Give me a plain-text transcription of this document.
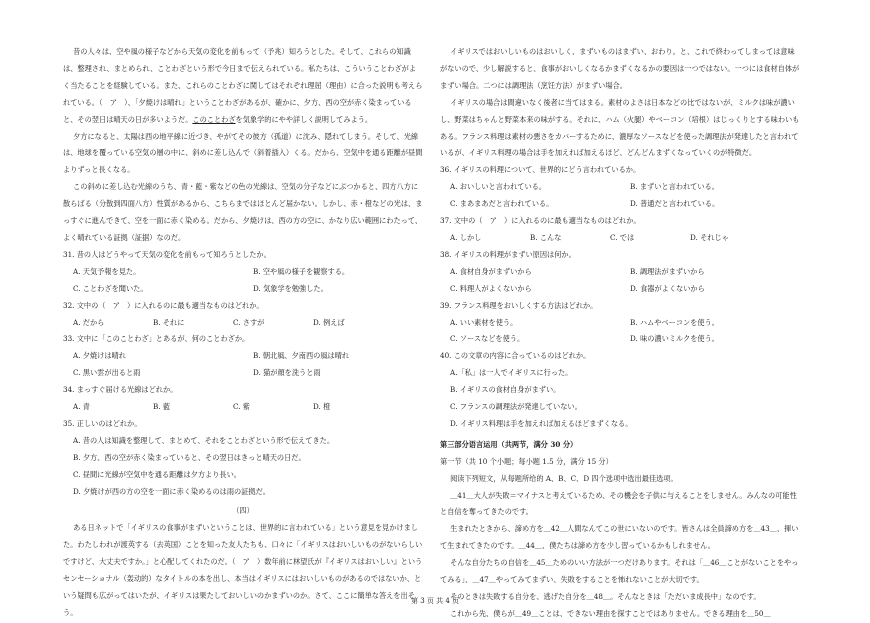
昔の人々は、空や風の様子などから天気の変化を前もって（予兆）知ろうとした。そして、これらの知識は、整理され、まとめられ、ことわざという形で今日まで伝えられている。私たちは、こういうことわざがよく当たることを経験している。また、これらのことわざに関してはそれぞれ理屈（理由）に合った説明も考えられている。（　ア　）、「夕焼けは晴れ」ということわざがあるが、確かに、夕方、西の空が赤く染まっていると、その翌日は晴天の日が多いようだ。このことわざを気象学的にやや詳しく説明してみよう。

夕方になると、太陽は西の地平線に近づき、やがてその彼方（孤道）に沈み、隠れてしまう。そして、光線は、地球を覆っている空気の層の中に、斜めに差し込んで（斜着插入）くる。だから、空気中を通る距離が昼間よりずっと長くなる。

この斜めに差し込む光線のうち、青・藍・紫などの色の光線は、空気の分子などにぶつかると、四方八方に散らばる（分散到四面八方）性質があるから、こちらまではほとんど届かない。しかし、赤・橙などの光は、まっすぐに進んできて、空を一面に赤く染める。だから、夕焼けは、西の方の空に、かなり広い範囲にわたって、よく晴れている証拠（証据）なのだ。

31. 昔の人はどうやって天気の変化を前もって知ろうとしたか。
A. 天気予報を見た。	B. 空や風の様子を観察する。
C. ことわざを聞いた。	D. 気象学を勉強した。
32. 文中の（　ア　）に入れるのに最も適当なものはどれか。
A. だから	B. それに	C. さすが	D. 例えば
33. 文中に「このことわざ」とあるが、何のことわざか。
A. 夕焼けは晴れ	B. 朝北風、夕南西の風は晴れ
C. 黒い雲が出ると雨	D. 猫が顔を洗うと雨
34. まっすぐ届ける光線はどれか。
A. 青	B. 藍	C. 紫	D. 橙
35. 正しいのはどれか。
A. 昔の人は知識を整理して、まとめて、それをことわざという形で伝えてきた。
B. 夕方、西の空が赤く染まっていると、その翌日はきっと晴天の日だ。
C. 昼間に光線が空気中を通る距離は夕方より長い。
D. 夕焼けが西の方の空を一面に赤く染めるのは雨の証拠だ。

（四）

ある日ネットで「イギリスの食事がまずいということは、世界的に言われている」という意見を見かけました。わたしわれが渡英する（去英国）ことを知った友人たちも、口々に「イギリスはおいしいものがないらしいですけど、大丈夫ですか。」と心配してくれたのだ。（　ア　）数年前に林望氏が『イギリスはおいしい』というセンセーショナル（轰动的）なタイトルの本を出し、本当はイギリスにはおいしいものがあるのではないか、という疑問も広がってはいたが、イギリスは果たしておいしいのかまずいのか。さて、ここに簡単な答えを出そう。

イギリスではおいしいものはおいしく、まずいものはまずい、おわり。と、これで終わってしまっては意味がないので、少し解説すると、食事がおいしくなるかまずくなるかの要因は一つではない。一つには食材自体がまずい場合。二つには調理法（烹饪方法）がまずい場合。

イギリスの場合は間違いなく後者に当てはまる。素材のよさは日本などの比ではないが、ミルクは味が濃いし、野菜はちゃんと野菜本来の味がする。それに、ハム（火腿）やベーコン（培根）はじっくりとする味わいもある。フランス料理は素材の悪さをカバーするために、濃厚なソースなどを使った調理法が発達したと言われているが、イギリス料理の場合は手を加えれば加えるほど、どんどんまずくなっていくのが特徴だ。

36. イギリスの料理について、世界的にどう言われているか。
A. おいしいと言われている。	B. まずいと言われている。
C. まあまあだと言われている。	D. 普通だと言われている。
37. 文中の（　ア　）に入れるのに最も適当なものはどれか。
A. しかし	B. こんな	C. では	D. それじゃ
38. イギリスの料理がまずい原因は何か。
A. 食材自身がまずいから	B. 調理法がまずいから
C. 料理人がよくないから	D. 食器がよくないから
39. フランス料理をおいしくする方法はどれか。
A. いい素材を使う。	B. ハムやベーコンを使う。
C. ソースなどを使う。	D. 味の濃いミルクを使う。
40. この文章の内容に合っているのはどれか。
A.「私」は一人でイギリスに行った。
B. イギリスの食材自身がまずい。
C. フランスの調理法が発達していない。
D. イギリス料理は手を加えれば加えるほどまずくなる。

第三部分语言运用（共两节，满分 30 分）

第一节（共 10 个小题；每小题 1.5 分，满分 15 分）

阅读下列短文，从每题所给的 A、B、C、D 四个选项中选出最佳选项。

＿41＿大人が失敗＝マイナスと考えているため、その機会を子供に与えることをしません。みんなの可能性と自信を奪ってきたのです。

生まれたときから、諦め方を＿42＿人間なんてこの世にいないのです。皆さんは全員諦め方を＿43＿、揮いて生まれてきたのです。＿44＿、僕たちは諦め方を少し習っているかもしれません。

そんな自分たちの自信を＿45＿ためのいい方法が一つだけあります。それは「＿46＿ことがないことをやってみる」、＿47＿やってみてまずい、失敗をすることを怖れないことが大切です。

そのときは失敗する自分を、逃げた自分を＿48＿。そんなときは「ただいま成長中」なのです。

これから先、僕らが＿49＿ことは、できない理由を探すことではありません。できる理由を＿50＿

第 3 页 共 4 页
